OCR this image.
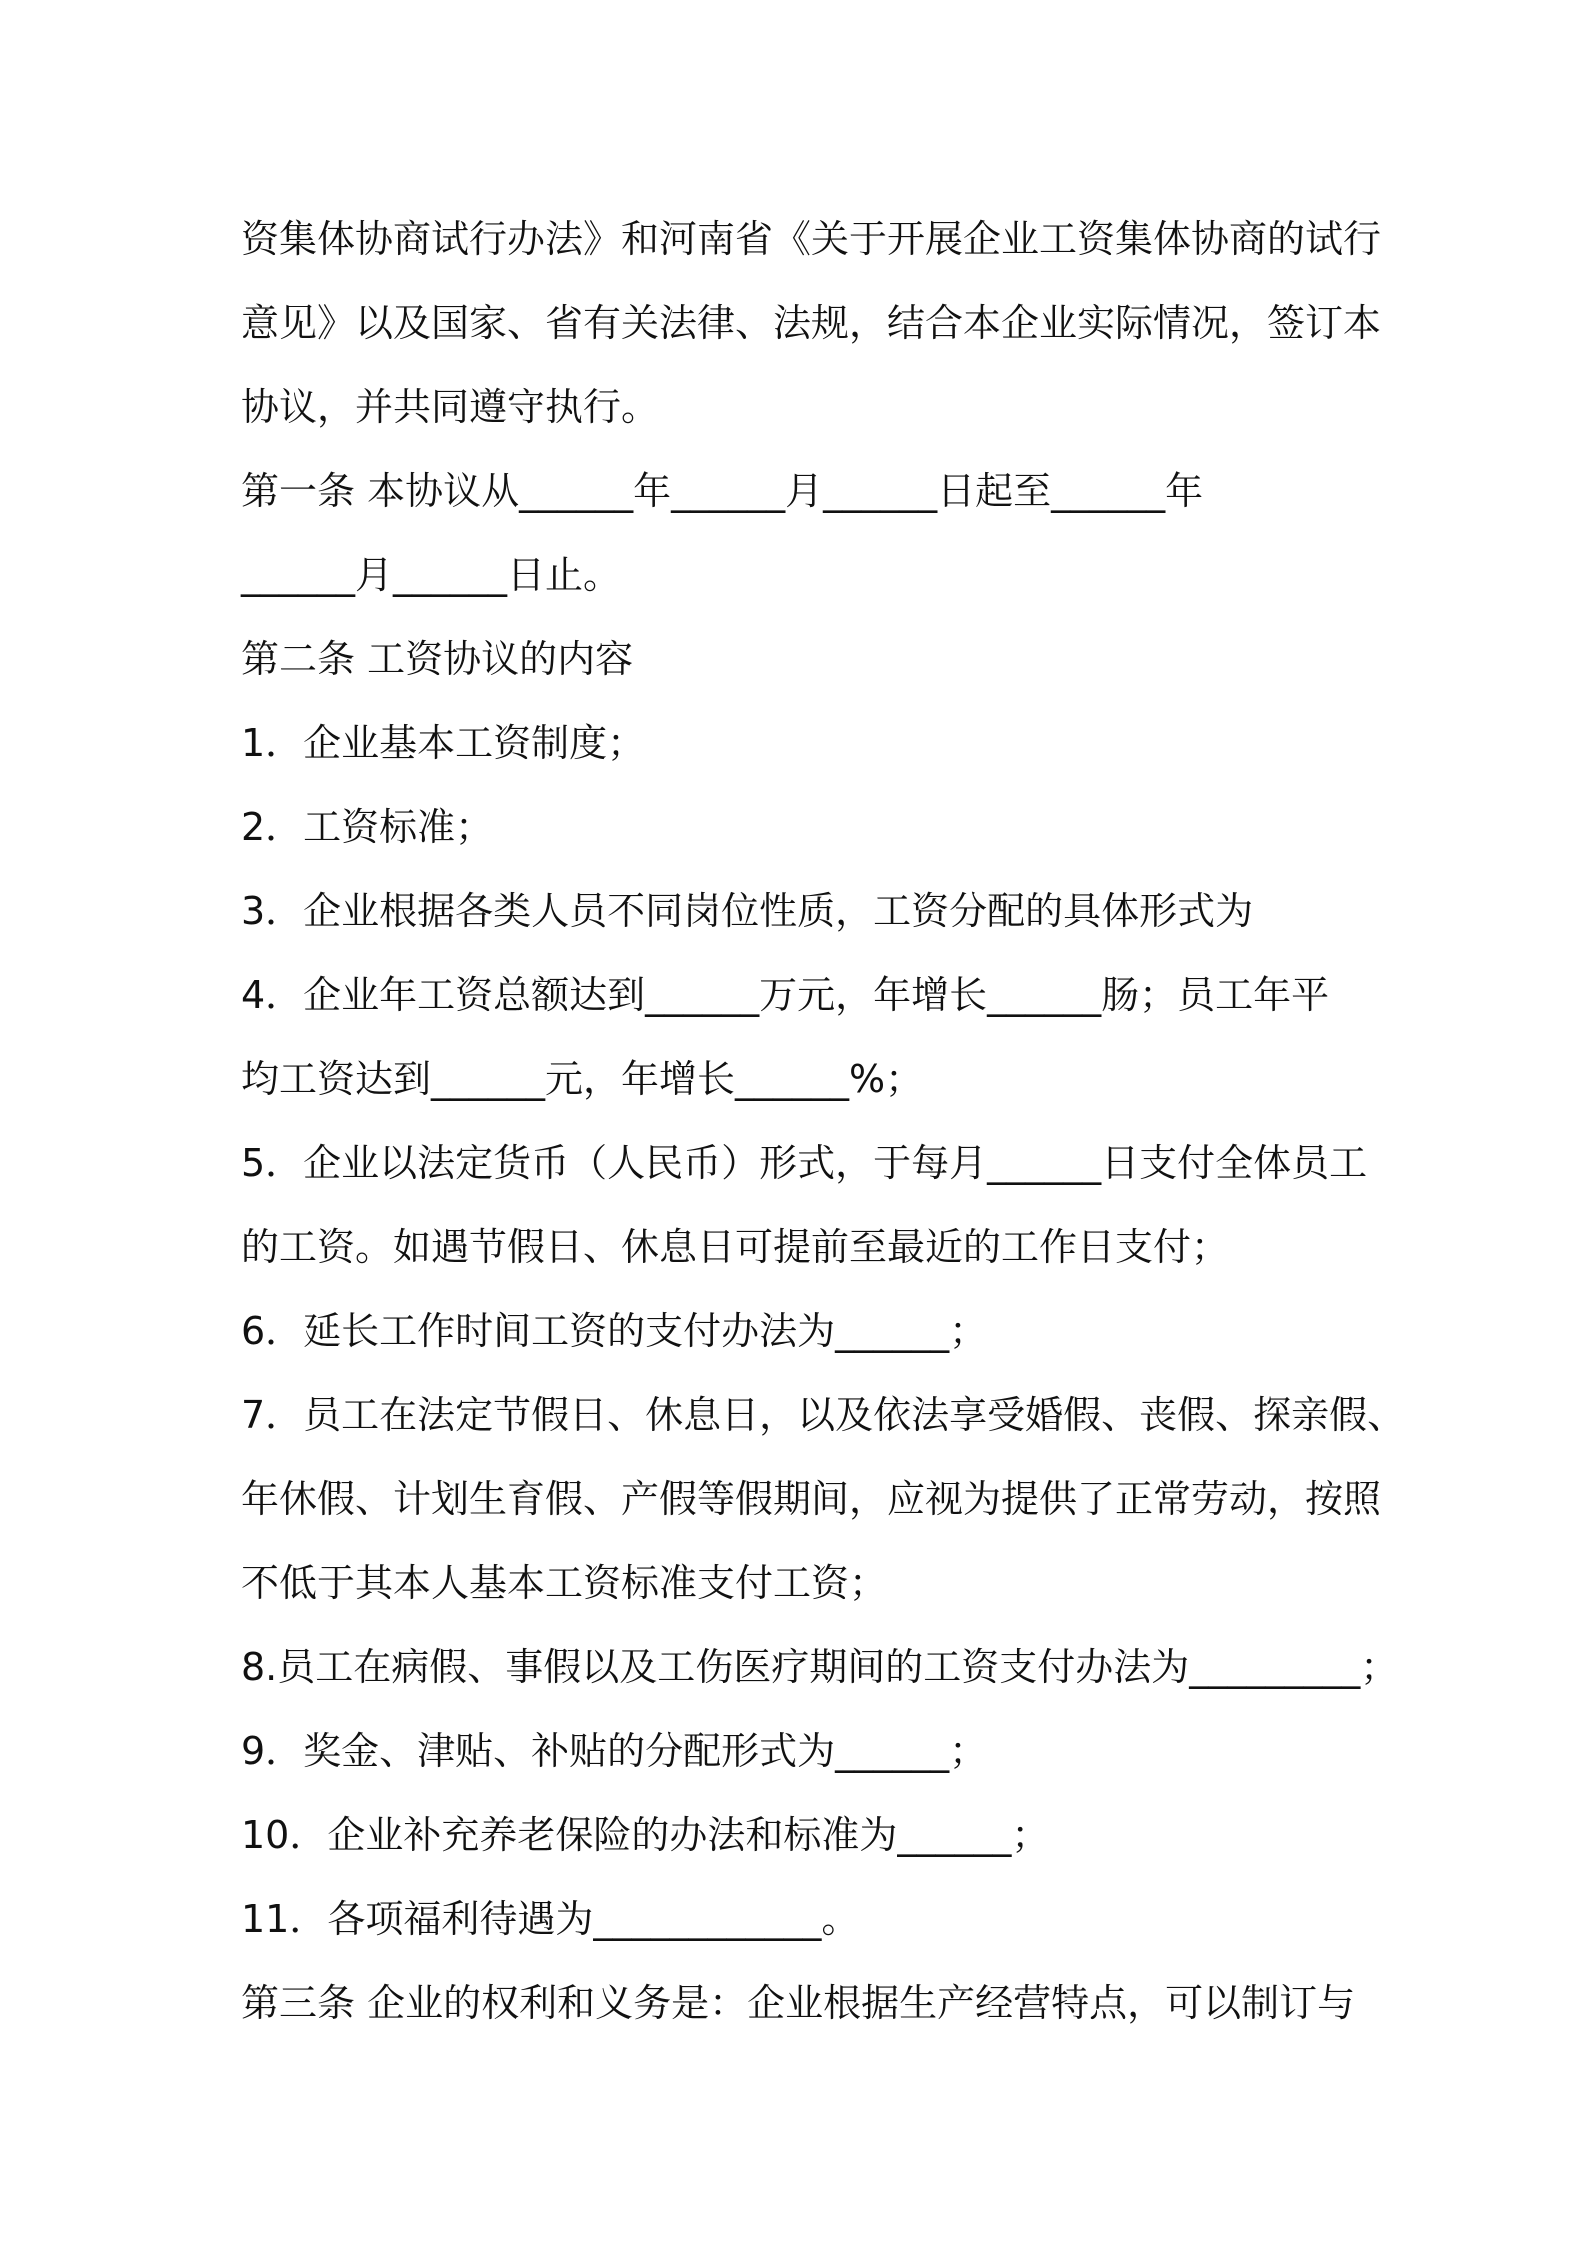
资集体协商试行办法》和河南省《关于开展企业工资集体协商的试行
意见》以及国家、省有关法律、法规，结合本企业实际情况，签订本
协议，并共同遵守执行。
第一条 本协议从______年______月______日起至______年
______月______日止。
第二条 工资协议的内容
1．企业基本工资制度；
2．工资标准；
3．企业根据各类人员不同岗位性质，工资分配的具体形式为
4．企业年工资总额达到______万元，年增长______肠；员工年平
均工资达到______元，年增长______%；
5．企业以法定货币（人民币）形式，于每月______日支付全体员工
的工资。如遇节假日、休息日可提前至最近的工作日支付；
6．延长工作时间工资的支付办法为______；
7．员工在法定节假日、休息日，以及依法享受婚假、丧假、探亲假、
年休假、计划生育假、产假等假期间，应视为提供了正常劳动，按照
不低于其本人基本工资标准支付工资；
8.员工在病假、事假以及工伤医疗期间的工资支付办法为_________；
9．奖金、津贴、补贴的分配形式为______；
10．企业补充养老保险的办法和标准为______；
11．各项福利待遇为____________。
第三条 企业的权利和义务是：企业根据生产经营特点，可以制订与
